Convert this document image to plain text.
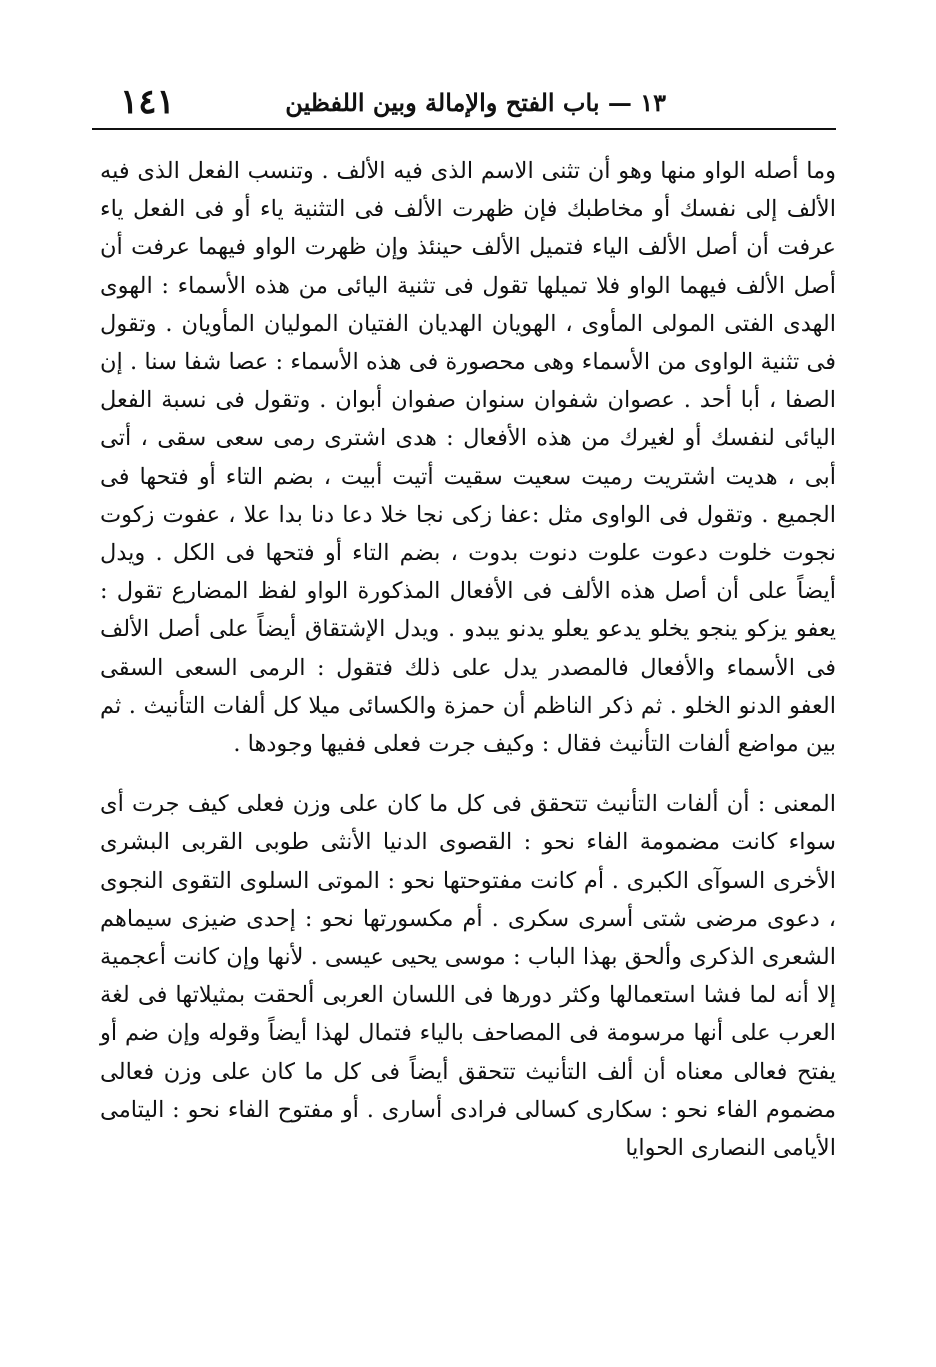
١٤١	١٣ — باب الفتح والإمالة وبين اللفظين

وما أصله الواو منها وهو أن تثنى الاسم الذى فيه الألف . وتنسب الفعل الذى فيه الألف إلى نفسك أو مخاطبك فإن ظهرت الألف فى التثنية ياء أو فى الفعل ياء عرفت أن أصل الألف الياء فتميل الألف حينئذ وإن ظهرت الواو فيهما عرفت أن أصل الألف فيهما الواو فلا تميلها تقول فى تثنية اليائى من هذه الأسماء : الهوى الهدى الفتى المولى المأوى ، الهويان الهديان الفتيان الموليان المأويان . وتقول فى تثنية الواوى من الأسماء وهى محصورة فى هذه الأسماء : عصا شفا سنا . إن الصفا ، أبا أحد . عصوان شفوان سنوان صفوان أبوان . وتقول فى نسبة الفعل اليائى لنفسك أو لغيرك من هذه الأفعال : هدى اشترى رمى سعى سقى ، أتى أبى ، هديت اشتريت رميت سعيت سقيت أتيت أبيت ، بضم التاء أو فتحها فى الجميع . وتقول فى الواوى مثل :عفا زكى نجا خلا دعا دنا بدا علا ، عفوت زكوت نجوت خلوت دعوت علوت دنوت بدوت ، بضم التاء أو فتحها فى الكل . ويدل أيضاً على أن أصل هذه الألف فى الأفعال المذكورة الواو لفظ المضارع تقول : يعفو يزكو ينجو يخلو يدعو يعلو يدنو يبدو . ويدل الإشتقاق أيضاً على أصل الألف فى الأسماء والأفعال فالمصدر يدل على ذلك فتقول : الرمى السعى السقى العفو الدنو الخلو . ثم ذكر الناظم أن حمزة والكسائى ميلا كل ألفات التأنيث . ثم بين مواضع ألفات التأنيث فقال : وكيف جرت فعلى ففيها وجودها .

المعنى : أن ألفات التأنيث تتحقق فى كل ما كان على وزن فعلى كيف جرت أى سواء كانت مضمومة الفاء نحو : القصوى الدنيا الأنثى طوبى القربى البشرى الأخرى السوآى الكبرى . أم كانت مفتوحتها نحو : الموتى السلوى التقوى النجوى ، دعوى مرضى شتى أسرى سكرى . أم مكسورتها نحو : إحدى ضيزى سيماهم الشعرى الذكرى وألحق بهذا الباب : موسى يحيى عيسى . لأنها وإن كانت أعجمية إلا أنه لما فشا استعمالها وكثر دورها فى اللسان العربى ألحقت بمثيلاتها فى لغة العرب على أنها مرسومة فى المصاحف بالياء فتمال لهذا أيضاً وقوله وإن ضم أو يفتح فعالى معناه أن ألف التأنيث تتحقق أيضاً فى كل ما كان على وزن فعالى مضموم الفاء نحو : سكارى كسالى فرادى أسارى . أو مفتوح الفاء نحو : اليتامى الأيامى النصارى الحوايا
